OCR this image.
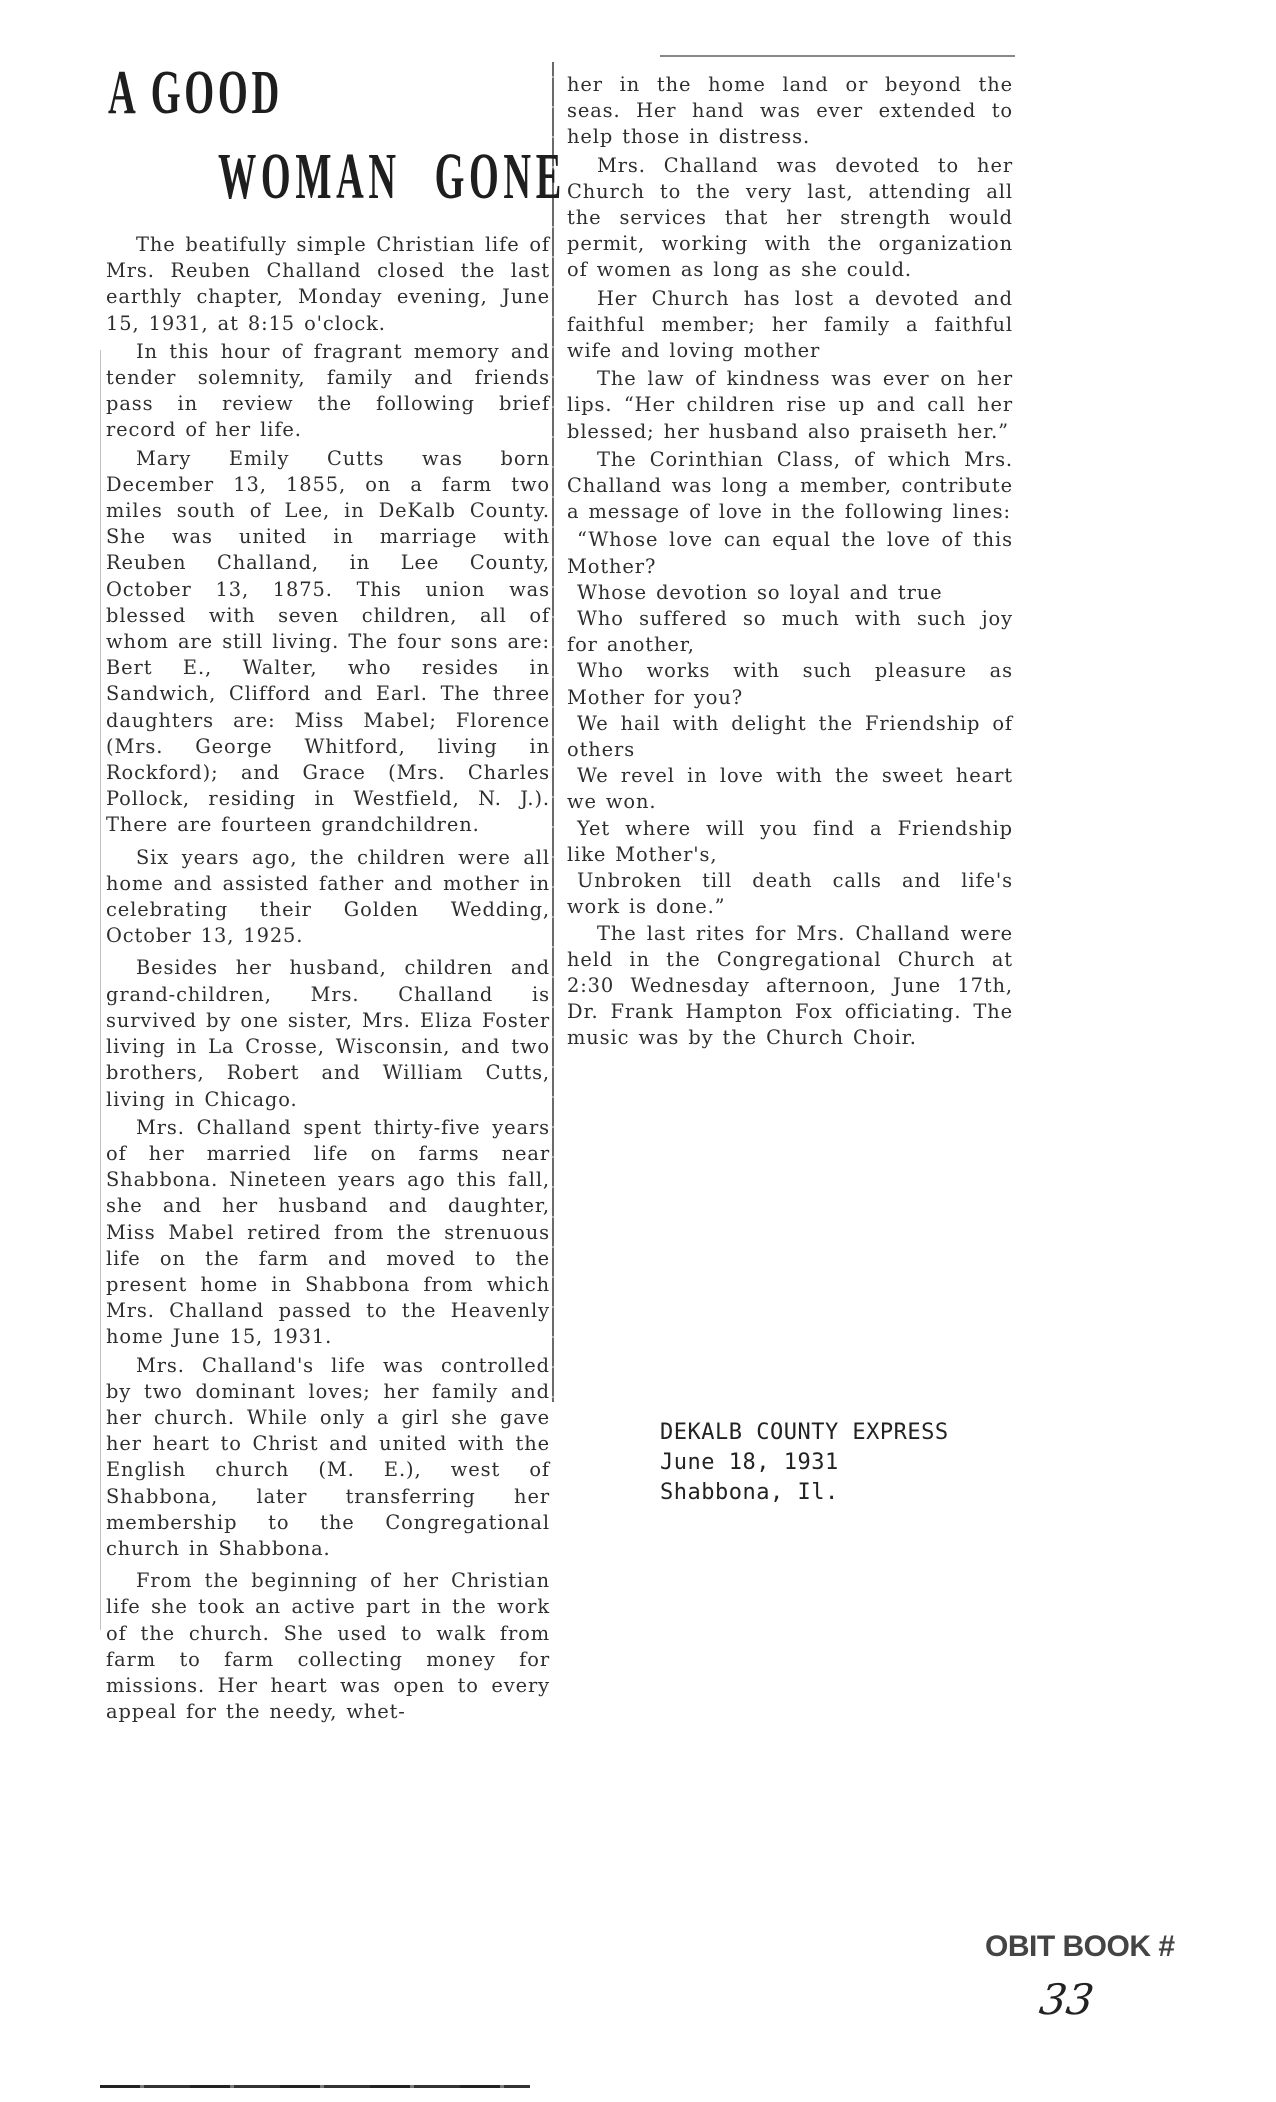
A GOOD
WOMAN GONE

The beatifully simple Christian life of Mrs. Reuben Challand closed the last earthly chapter, Monday evening, June 15, 1931, at 8:15 o'clock.

In this hour of fragrant memory and tender solemnity, family and friends pass in review the following brief record of her life.

Mary Emily Cutts was born December 13, 1855, on a farm two miles south of Lee, in DeKalb County. She was united in marriage with Reuben Challand, in Lee County, October 13, 1875. This union was blessed with seven children, all of whom are still living. The four sons are: Bert E., Walter, who resides in Sandwich, Clifford and Earl. The three daughters are: Miss Mabel; Florence (Mrs. George Whitford, living in Rockford); and Grace (Mrs. Charles Pollock, residing in Westfield, N. J.). There are fourteen grandchildren.

Six years ago, the children were all home and assisted father and mother in celebrating their Golden Wedding, October 13, 1925.

Besides her husband, children and grand-children, Mrs. Challand is survived by one sister, Mrs. Eliza Foster living in La Crosse, Wisconsin, and two brothers, Robert and William Cutts, living in Chicago.

Mrs. Challand spent thirty-five years of her married life on farms near Shabbona. Nineteen years ago this fall, she and her husband and daughter, Miss Mabel retired from the strenuous life on the farm and moved to the present home in Shabbona from which Mrs. Challand passed to the Heavenly home June 15, 1931.

Mrs. Challand's life was controlled by two dominant loves; her family and her church. While only a girl she gave her heart to Christ and united with the English church (M. E.), west of Shabbona, later transferring her membership to the Congregational church in Shabbona.

From the beginning of her Christian life she took an active part in the work of the church. She used to walk from farm to farm collecting money for missions. Her heart was open to every appeal for the needy, whet-

her in the home land or beyond the seas. Her hand was ever extended to help those in distress.

Mrs. Challand was devoted to her Church to the very last, attending all the services that her strength would permit, working with the organization of women as long as she could.

Her Church has lost a devoted and faithful member; her family a faithful wife and loving mother

The law of kindness was ever on her lips. “Her children rise up and call her blessed; her husband also praiseth her.”

The Corinthian Class, of which Mrs. Challand was long a member, contribute a message of love in the following lines:

“Whose love can equal the love of this Mother?

Whose devotion so loyal and true

Who suffered so much with such joy for another,

Who works with such pleasure as Mother for you?

We hail with delight the Friendship of others

We revel in love with the sweet heart we won.

Yet where will you find a Friendship like Mother's,

Unbroken till death calls and life's work is done.”

The last rites for Mrs. Challand were held in the Congregational Church at 2:30 Wednesday afternoon, June 17th, Dr. Frank Hampton Fox officiating. The music was by the Church Choir.

DEKALB COUNTY EXPRESS
June 18, 1931
Shabbona, Il.
OBIT BOOK #
33
